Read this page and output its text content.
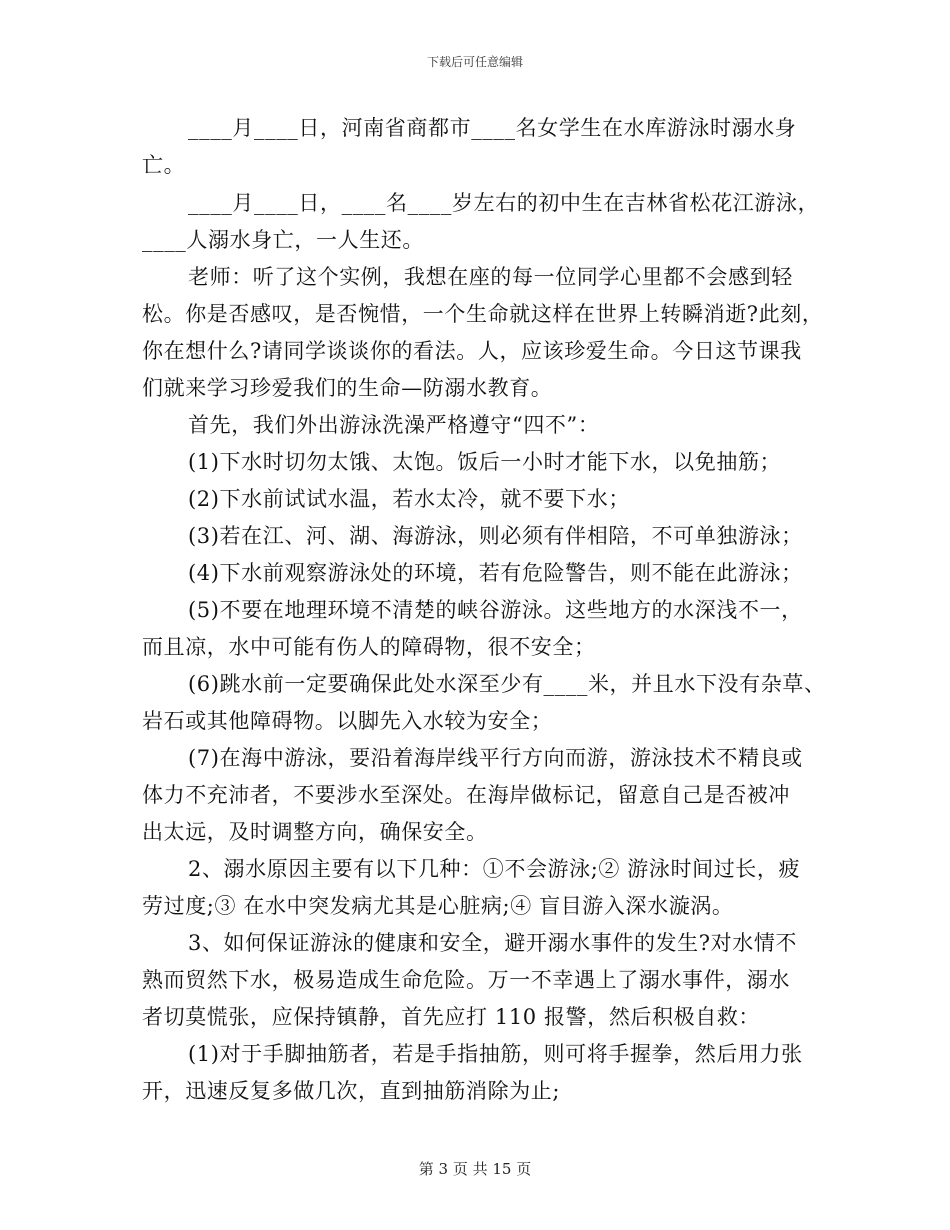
下载后可任意编辑
____月____日，河南省商都市____名女学生在水库游泳时溺水身
亡。
____月____日，____名____岁左右的初中生在吉林省松花江游泳，
____人溺水身亡，一人生还。
老师：听了这个实例，我想在座的每一位同学心里都不会感到轻
松。你是否感叹，是否惋惜，一个生命就这样在世界上转瞬消逝?此刻，
你在想什么?请同学谈谈你的看法。人，应该珍爱生命。今日这节课我
们就来学习珍爱我们的生命—防溺水教育。
首先，我们外出游泳洗澡严格遵守“四不”：
(1)下水时切勿太饿、太饱。饭后一小时才能下水，以免抽筋；
(2)下水前试试水温，若水太冷，就不要下水；
(3)若在江、河、湖、海游泳，则必须有伴相陪，不可单独游泳；
(4)下水前观察游泳处的环境，若有危险警告，则不能在此游泳；
(5)不要在地理环境不清楚的峡谷游泳。这些地方的水深浅不一，
而且凉，水中可能有伤人的障碍物，很不安全；
(6)跳水前一定要确保此处水深至少有____米，并且水下没有杂草、
岩石或其他障碍物。以脚先入水较为安全；
(7)在海中游泳，要沿着海岸线平行方向而游，游泳技术不精良或
体力不充沛者，不要涉水至深处。在海岸做标记，留意自己是否被冲
出太远，及时调整方向，确保安全。
2、溺水原因主要有以下几种：①不会游泳;② 游泳时间过长，疲
劳过度;③ 在水中突发病尤其是心脏病;④ 盲目游入深水漩涡。
3、如何保证游泳的健康和安全，避开溺水事件的发生?对水情不
熟而贸然下水，极易造成生命危险。万一不幸遇上了溺水事件，溺水
者切莫慌张，应保持镇静，首先应打 110 报警，然后积极自救：
(1)对于手脚抽筋者，若是手指抽筋，则可将手握拳，然后用力张
开，迅速反复多做几次，直到抽筋消除为止;
第 3 页 共 15 页
